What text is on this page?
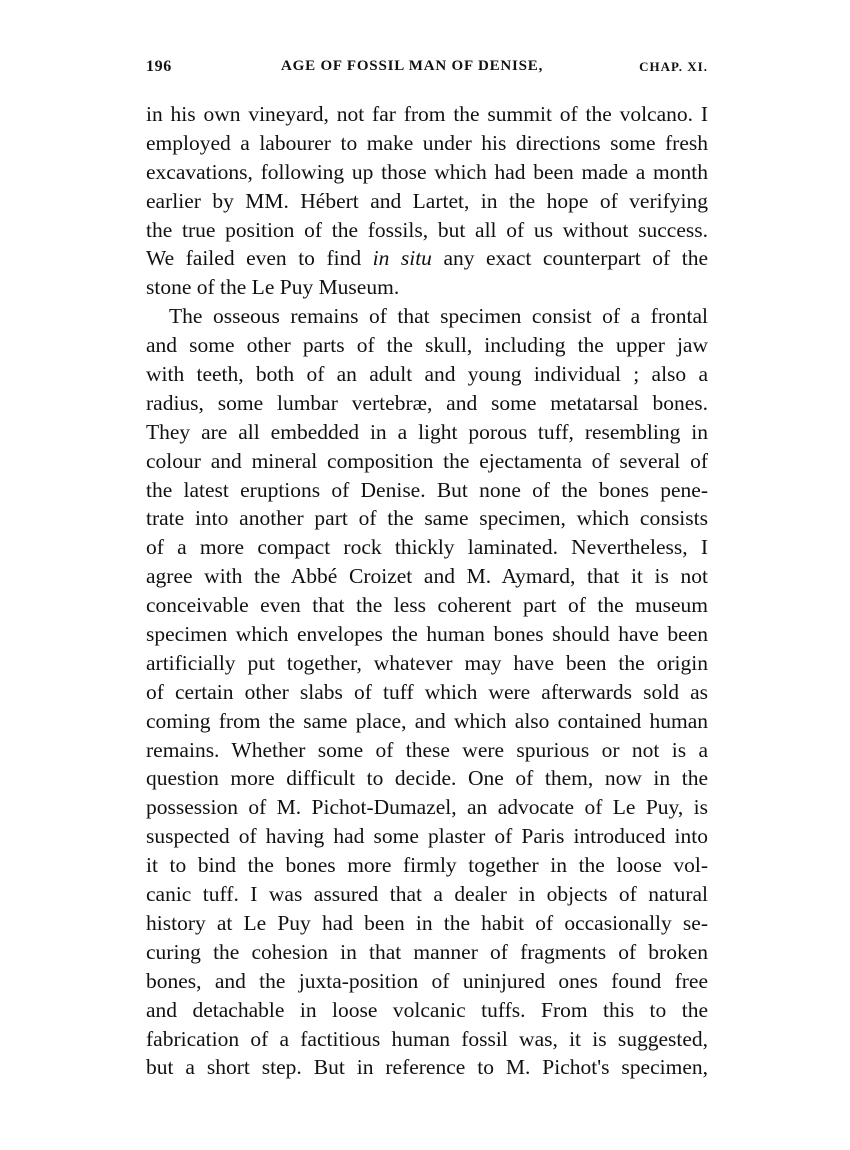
196	AGE OF FOSSIL MAN OF DENISE,	CHAP. XI.
in his own vineyard, not far from the summit of the volcano. I
employed a labourer to make under his directions some fresh
excavations, following up those which had been made a month
earlier by MM. Hébert and Lartet, in the hope of verifying
the true position of the fossils, but all of us without success.
We failed even to find in situ any exact counterpart of the
stone of the Le Puy Museum.
The osseous remains of that specimen consist of a frontal
and some other parts of the skull, including the upper jaw
with teeth, both of an adult and young individual ; also a
radius, some lumbar vertebræ, and some metatarsal bones.
They are all embedded in a light porous tuff, resembling in
colour and mineral composition the ejectamenta of several of
the latest eruptions of Denise. But none of the bones pene-
trate into another part of the same specimen, which consists
of a more compact rock thickly laminated. Nevertheless, I
agree with the Abbé Croizet and M. Aymard, that it is not
conceivable even that the less coherent part of the museum
specimen which envelopes the human bones should have been
artificially put together, whatever may have been the origin
of certain other slabs of tuff which were afterwards sold as
coming from the same place, and which also contained human
remains. Whether some of these were spurious or not is a
question more difficult to decide. One of them, now in the
possession of M. Pichot-Dumazel, an advocate of Le Puy, is
suspected of having had some plaster of Paris introduced into
it to bind the bones more firmly together in the loose vol-
canic tuff. I was assured that a dealer in objects of natural
history at Le Puy had been in the habit of occasionally se-
curing the cohesion in that manner of fragments of broken
bones, and the juxta-position of uninjured ones found free
and detachable in loose volcanic tuffs. From this to the
fabrication of a factitious human fossil was, it is suggested,
but a short step. But in reference to M. Pichot's specimen,
